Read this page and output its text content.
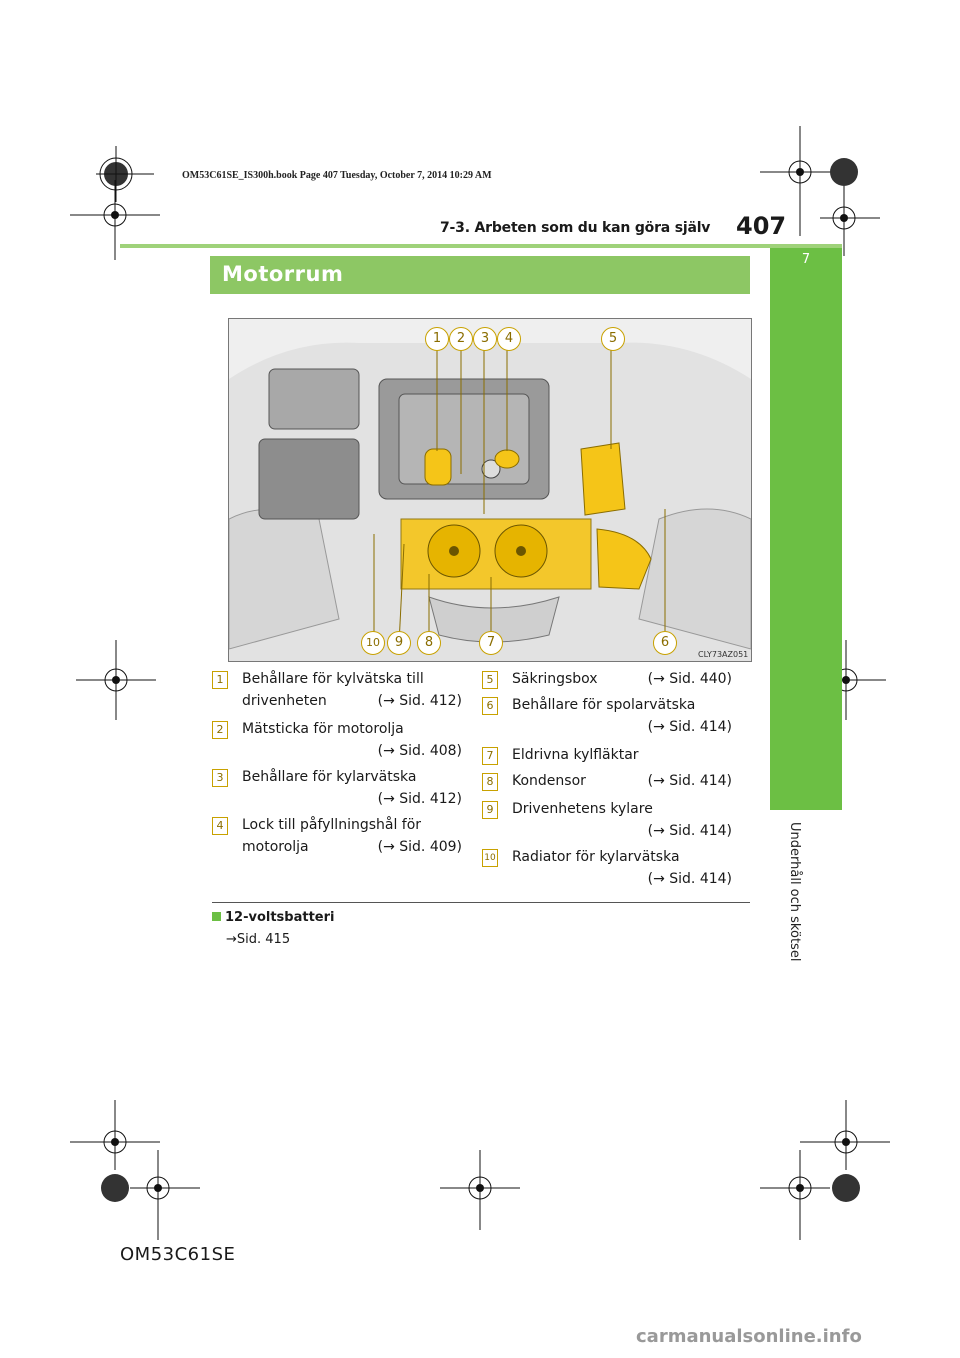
OM53C61SE_IS300h.book Page 407 Tuesday, October 7, 2014 10:29 AM
7-3. Arbeten som du kan göra själv 407
7
Underhåll och skötsel
Motorrum
1	2	3	4	5
10	9	8	7	6
CLY73AZ051
1	Behållare för kylvätska till
drivenheten	(→ Sid. 412)
2	Mätsticka för motorolja
(→ Sid. 408)
3	Behållare för kylarvätska
(→ Sid. 412)
4	Lock till påfyllningshål för
motorolja	(→ Sid. 409)
5	Säkringsbox	(→ Sid. 440)
6	Behållare för spolarvätska
(→ Sid. 414)
7	Eldrivna kylfläktar
8	Kondensor	(→ Sid. 414)
9	Drivenhetens kylare
(→ Sid. 414)
10 Radiator för kylarvätska
(→ Sid. 414)
12-voltsbatteri
→Sid. 415
OM53C61SE
carmanualsonline.info
